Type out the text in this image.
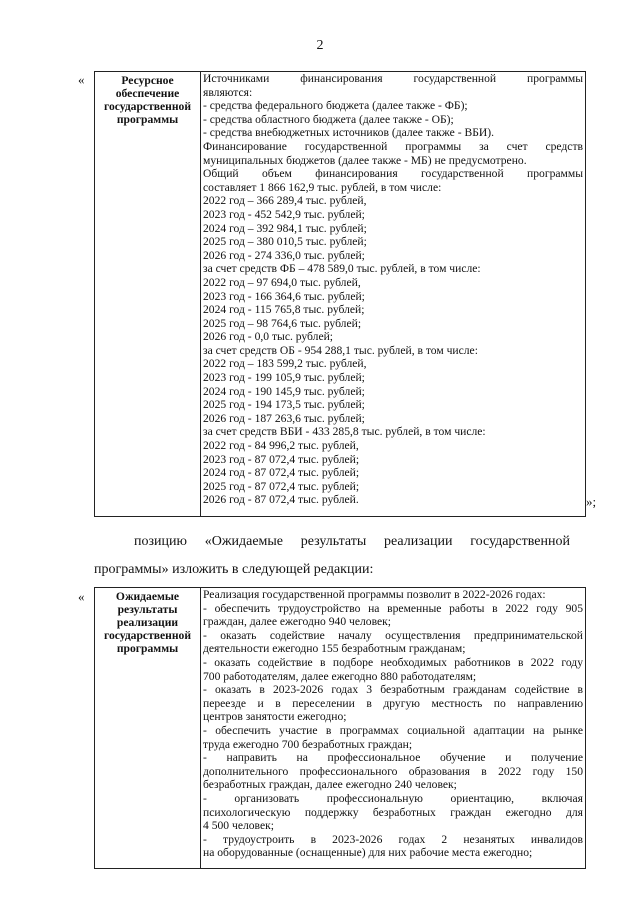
2
«	Ресурсное
обеспечение
государственной
программы

Источниками финансирования государственной программы
являются:
- средства федерального бюджета (далее также - ФБ);
- средства областного бюджета (далее также - ОБ);
- средства внебюджетных источников (далее также - ВБИ).
Финансирование государственной программы за счет средств
муниципальных бюджетов (далее также - МБ) не предусмотрено.
Общий объем финансирования государственной программы
составляет 1 866 162,9 тыс. рублей, в том числе:
2022 год – 366 289,4 тыс. рублей,
2023 год - 452 542,9 тыс. рублей;
2024 год – 392 984,1 тыс. рублей;
2025 год – 380 010,5 тыс. рублей;
2026 год - 274 336,0 тыс. рублей;
за счет средств ФБ – 478 589,0 тыс. рублей, в том числе:
2022 год – 97 694,0 тыс. рублей,
2023 год - 166 364,6 тыс. рублей;
2024 год - 115 765,8 тыс. рублей;
2025 год – 98 764,6 тыс. рублей;
2026 год - 0,0 тыс. рублей;
за счет средств ОБ - 954 288,1 тыс. рублей, в том числе:
2022 год – 183 599,2 тыс. рублей,
2023 год - 199 105,9 тыс. рублей;
2024 год - 190 145,9 тыс. рублей;
2025 год - 194 173,5 тыс. рублей;
2026 год - 187 263,6 тыс. рублей;
за счет средств ВБИ - 433 285,8 тыс. рублей, в том числе:
2022 год - 84 996,2 тыс. рублей,
2023 год - 87 072,4 тыс. рублей;
2024 год - 87 072,4 тыс. рублей;
2025 год - 87 072,4 тыс. рублей;
2026 год - 87 072,4 тыс. рублей.	»;
позицию «Ожидаемые результаты реализации государственной
программы» изложить в следующей редакции:
«	Ожидаемые
результаты
реализации
государственной
программы

Реализация государственной программы позволит в 2022-2026 годах:
- обеспечить трудоустройство на временные работы в 2022 году 905
граждан, далее ежегодно 940 человек;
- оказать содействие началу осуществления предпринимательской
деятельности ежегодно 155 безработным гражданам;
- оказать содействие в подборе необходимых работников в 2022 году
700 работодателям, далее ежегодно 880 работодателям;
- оказать в 2023-2026 годах 3 безработным гражданам содействие в
переезде и в переселении в другую местность по направлению
центров занятости ежегодно;
- обеспечить участие в программах социальной адаптации на рынке
труда ежегодно 700 безработных граждан;
- направить на профессиональное обучение и получение
дополнительного профессионального образования в 2022 году 150
безработных граждан, далее ежегодно 240 человек;
- организовать профессиональную ориентацию, включая
психологическую поддержку безработных граждан ежегодно для
4 500 человек;
- трудоустроить в 2023-2026 годах 2 незанятых инвалидов
на оборудованные (оснащенные) для них рабочие места ежегодно;
